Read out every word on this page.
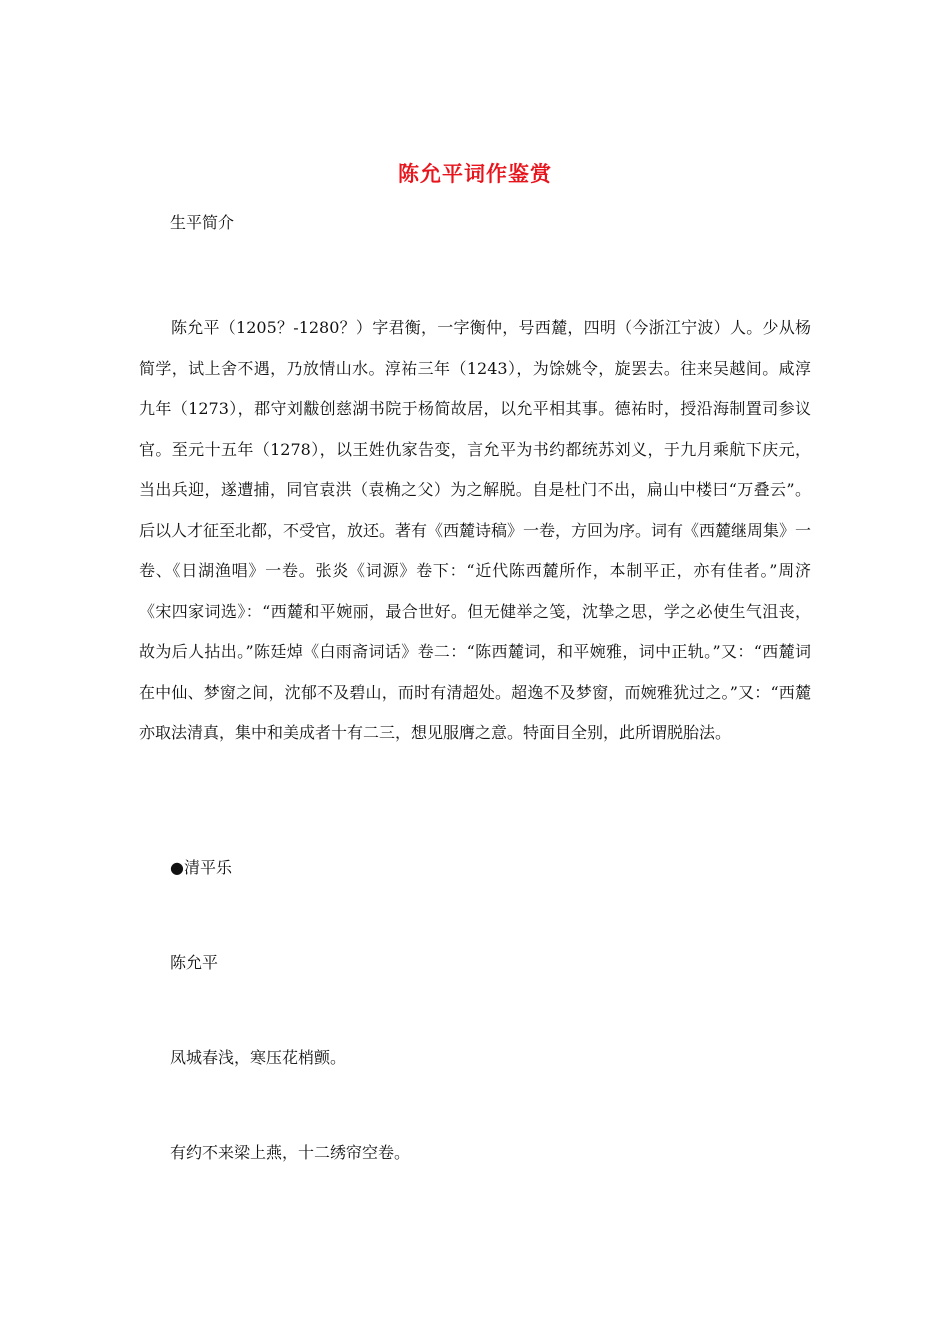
陈允平词作鉴赏
生平简介

陈允平（1205？-1280？）字君衡，一字衡仲，号西麓，四明（今浙江宁波）人。少从杨简学，试上舍不遇，乃放情山水。淳祐三年（1243），为馀姚令，旋罢去。往来吴越间。咸淳九年（1273），郡守刘黻创慈湖书院于杨简故居，以允平相其事。德祐时，授沿海制置司参议官。至元十五年（1278），以王姓仇家告变，言允平为书约都统苏刘义，于九月乘航下庆元，当出兵迎，遂遭捕，同官袁洪（袁桷之父）为之解脱。自是杜门不出，扁山中楼曰“万叠云”。后以人才征至北都，不受官，放还。著有《西麓诗稿》一卷，方回为序。词有《西麓继周集》一卷、《日湖渔唱》一卷。张炎《词源》卷下：“近代陈西麓所作，本制平正，亦有佳者。”周济《宋四家词选》：“西麓和平婉丽，最合世好。但无健举之笺，沈挚之思，学之必使生气沮丧，故为后人拈出。”陈廷焯《白雨斋词话》卷二：“陈西麓词，和平婉雅，词中正轨。”又：“西麓词在中仙、梦窗之间，沈郁不及碧山，而时有清超处。超逸不及梦窗，而婉雅犹过之。”又：“西麓亦取法清真，集中和美成者十有二三，想见服膺之意。特面目全别，此所谓脱胎法。

●清平乐
陈允平
凤城春浅，寒压花梢颤。
有约不来梁上燕，十二绣帘空卷。
